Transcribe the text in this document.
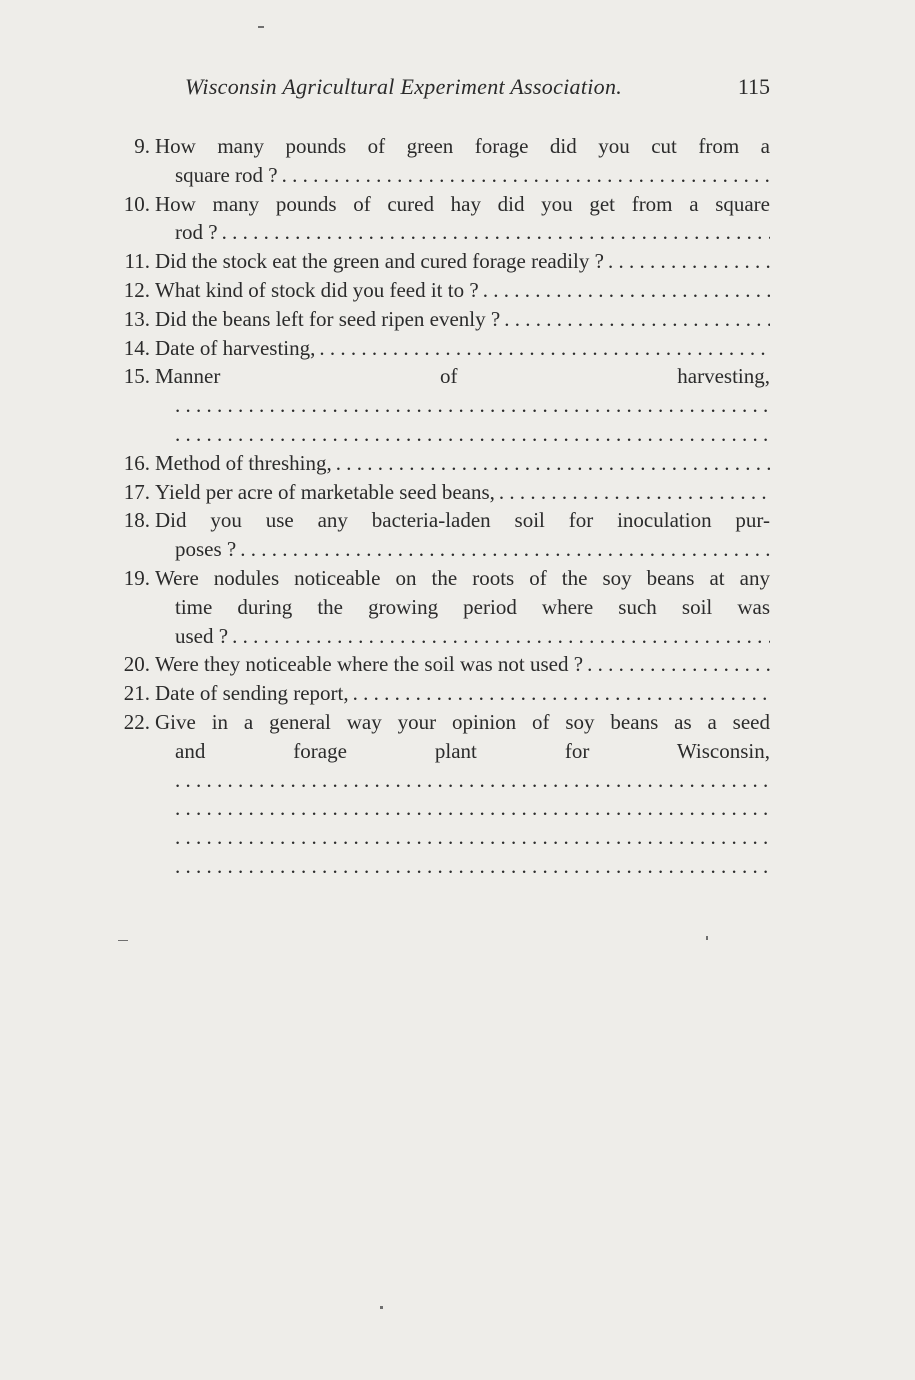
Wisconsin Agricultural Experiment Association.	115
9. How many pounds of green forage did you cut from a
square rod ?
. . .
10. How many pounds of cured hay did you get from a square
rod ?
. . .
11. Did the stock eat the green and cured forage readily ?
. . .
12. What kind of stock did you feed it to ?
. . .
13. Did the beans left for seed ripen evenly ?
. . .
14. Date of harvesting,
. . .
15. Manner of harvesting,
. . .
. . .
16. Method of threshing,
. . .
17. Yield per acre of marketable seed beans,
. . .
18. Did you use any bacteria-laden soil for inoculation pur-
poses ?
. . .
19. Were nodules noticeable on the roots of the soy beans at any
time during the growing period where such soil was
used ?
. . .
20. Were they noticeable where the soil was not used ?
. . .
21. Date of sending report,
. . .
22. Give in a general way your opinion of soy beans as a seed
and forage plant for Wisconsin,
. . .
. . .
. . .
. . .
